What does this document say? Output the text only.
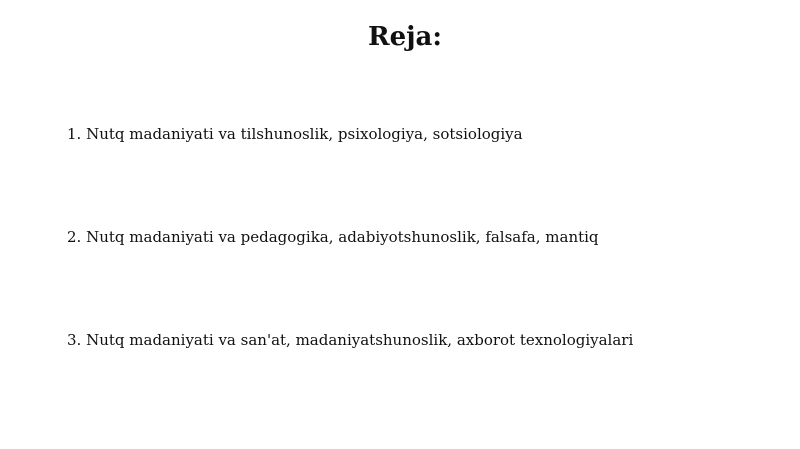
Reja:
1. Nutq madaniyati va tilshunoslik, psixologiya, sotsiologiya
2. Nutq madaniyati va pedagogika, adabiyotshunoslik, falsafa, mantiq
3. Nutq madaniyati va san'at, madaniyatshunoslik, axborot texnologiyalari
